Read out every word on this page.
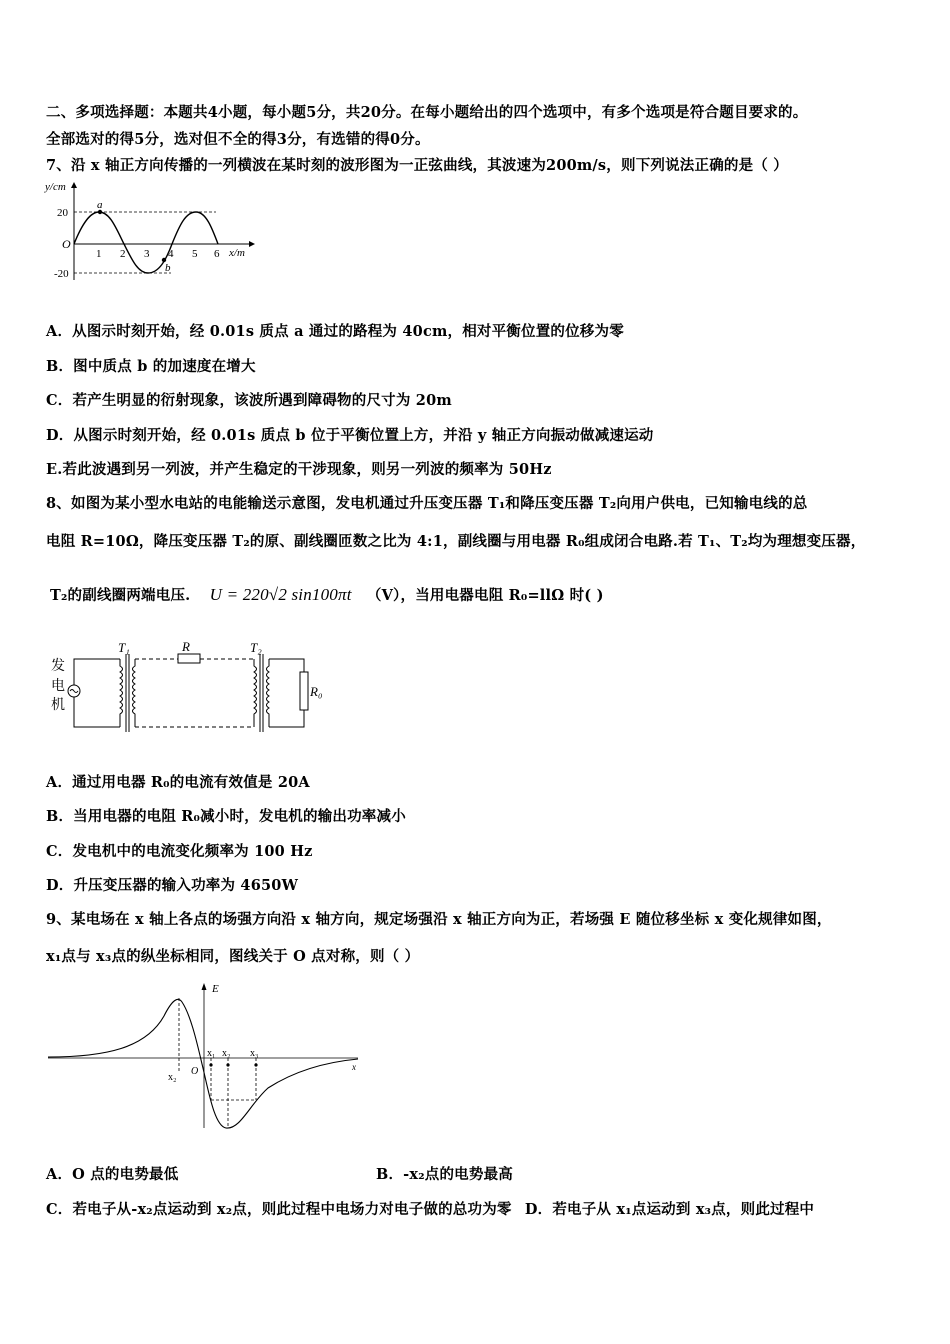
二、多项选择题：本题共4小题，每小题5分，共20分。在每小题给出的四个选项中，有多个选项是符合题目要求的。
全部选对的得5分，选对但不全的得3分，有选错的得0分。
7、沿 x 轴正方向传播的一列横波在某时刻的波形图为一正弦曲线，其波速为200m/s，则下列说法正确的是（ ）
y/cm
20
-20
O
1 2 3 4 5 6 x/m
a
b
A．从图示时刻开始，经 0.01s 质点 a 通过的路程为 40cm，相对平衡位置的位移为零
B．图中质点 b 的加速度在增大
C．若产生明显的衍射现象，该波所遇到障碍物的尺寸为 20m
D．从图示时刻开始，经 0.01s 质点 b 位于平衡位置上方，并沿 y 轴正方向振动做减速运动
E.若此波遇到另一列波，并产生稳定的干涉现象，则另一列波的频率为 50Hz
8、如图为某小型水电站的电能输送示意图，发电机通过升压变压器 T₁和降压变压器 T₂向用户供电，已知输电线的总
电阻 R=10Ω，降压变压器 T₂的原、副线圈匝数之比为 4:1，副线圈与用电器 R₀组成闭合电路.若 T₁、T₂均为理想变压器，
T₂的副线圈两端电压. U = 220√2 sin100πt （V），当用电器电阻 R₀=llΩ 时( )
发
电
机
T₁	R	T₂
R₀
A．通过用电器 R₀的电流有效值是 20A
B．当用电器的电阻 R₀减小时，发电机的输出功率减小
C．发电机中的电流变化频率为 100 Hz
D．升压变压器的输入功率为 4650W
9、某电场在 x 轴上各点的场强方向沿 x 轴方向，规定场强沿 x 轴正方向为正，若场强 E 随位移坐标 x 变化规律如图，
x₁点与 x₃点的纵坐标相同，图线关于 O 点对称，则（ ）
E
O	x
x₂
x₁ x₂ x₃
A．O 点的电势最低	B．-x₂点的电势最高
C．若电子从-x₂点运动到 x₂点，则此过程中电场力对电子做的总功为零 D．若电子从 x₁点运动到 x₃点，则此过程中
